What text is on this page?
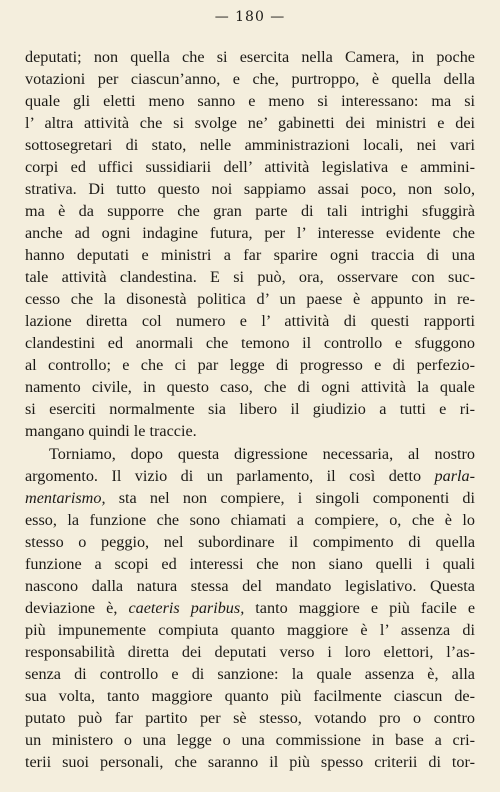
— 180 —
deputati; non quella che si esercita nella Camera, in poche
votazioni per ciascun’anno, e che, purtroppo, è quella della
quale gli eletti meno sanno e meno si interessano: ma si
l’ altra attività che si svolge ne’ gabinetti dei ministri e dei
sottosegretari di stato, nelle amministrazioni locali, nei vari
corpi ed uffici sussidiarii dell’ attività legislativa e ammini-
strativa. Di tutto questo noi sappiamo assai poco, non solo,
ma è da supporre che gran parte di tali intrighi sfuggirà
anche ad ogni indagine futura, per l’ interesse evidente che
hanno deputati e ministri a far sparire ogni traccia di una
tale attività clandestina. E si può, ora, osservare con suc-
cesso che la disonestà politica d’ un paese è appunto in re-
lazione diretta col numero e l’ attività di questi rapporti
clandestini ed anormali che temono il controllo e sfuggono
al controllo; e che ci par legge di progresso e di perfezio-
namento civile, in questo caso, che di ogni attività la quale
si eserciti normalmente sia libero il giudizio a tutti e ri-
mangano quindi le traccie.
Torniamo, dopo questa digressione necessaria, al nostro
argomento. Il vizio di un parlamento, il così detto parla-
mentarismo, sta nel non compiere, i singoli componenti di
esso, la funzione che sono chiamati a compiere, o, che è lo
stesso o peggio, nel subordinare il compimento di quella
funzione a scopi ed interessi che non siano quelli i quali
nascono dalla natura stessa del mandato legislativo. Questa
deviazione è, caeteris paribus, tanto maggiore e più facile e
più impunemente compiuta quanto maggiore è l’ assenza di
responsabilità diretta dei deputati verso i loro elettori, l’as-
senza di controllo e di sanzione: la quale assenza è, alla
sua volta, tanto maggiore quanto più facilmente ciascun de-
putato può far partito per sè stesso, votando pro o contro
un ministero o una legge o una commissione in base a cri-
terii suoi personali, che saranno il più spesso criterii di tor-
